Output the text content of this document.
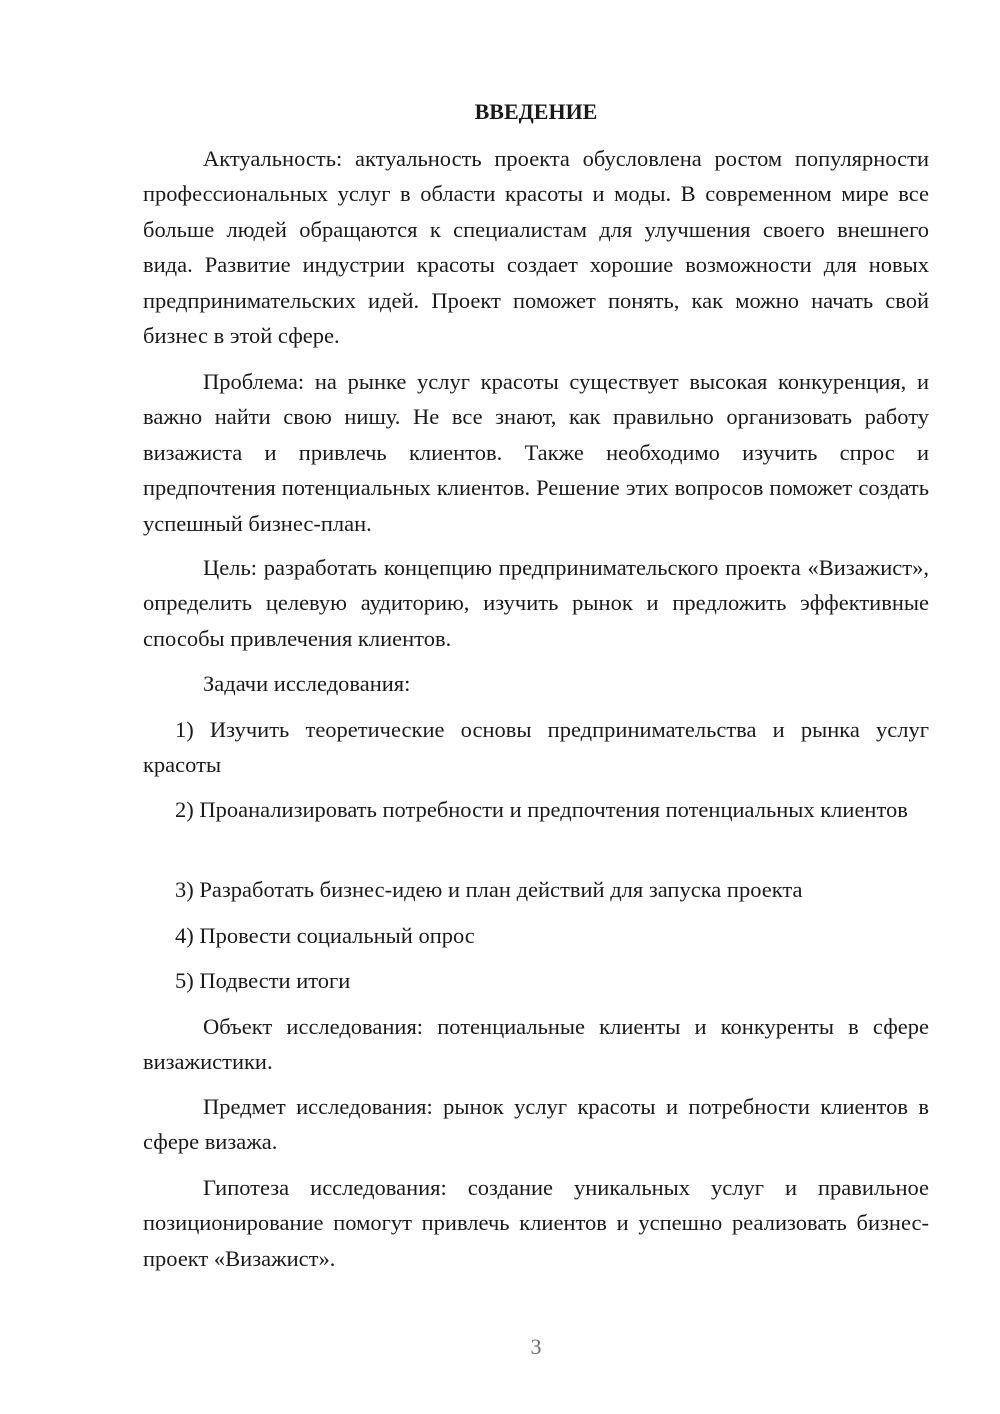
ВВЕДЕНИЕ

Актуальность: актуальность проекта обусловлена ростом популярности профессиональных услуг в области красоты и моды. В современном мире все больше людей обращаются к специалистам для улучшения своего внешнего вида. Развитие индустрии красоты создает хорошие возможности для новых предпринимательских идей. Проект поможет понять, как можно начать свой бизнес в этой сфере.

Проблема: на рынке услуг красоты существует высокая конкуренция, и важно найти свою нишу. Не все знают, как правильно организовать работу визажиста и привлечь клиентов. Также необходимо изучить спрос и предпочтения потенциальных клиентов. Решение этих вопросов поможет создать успешный бизнес-план.

Цель: разработать концепцию предпринимательского проекта «Визажист», определить целевую аудиторию, изучить рынок и предложить эффективные способы привлечения клиентов.

Задачи исследования:

1) Изучить теоретические основы предпринимательства и рынка услуг красоты

2) Проанализировать потребности и предпочтения потенциальных клиентов

3) Разработать бизнес-идею и план действий для запуска проекта

4) Провести социальный опрос

5) Подвести итоги

Объект исследования: потенциальные клиенты и конкуренты в сфере визажистики.

Предмет исследования: рынок услуг красоты и потребности клиентов в сфере визажа.

Гипотеза исследования: создание уникальных услуг и правильное позиционирование помогут привлечь клиентов и успешно реализовать бизнес-проект «Визажист».

3
